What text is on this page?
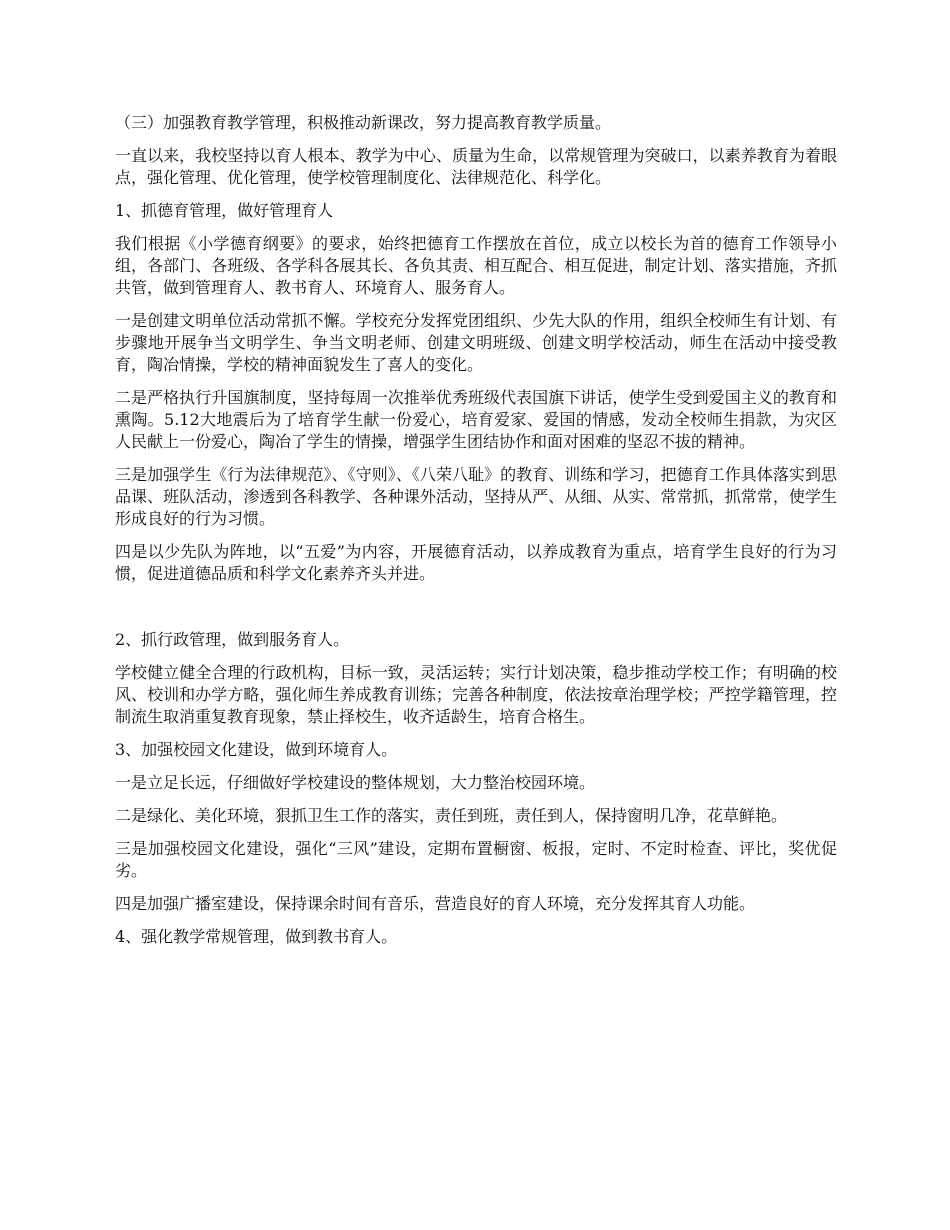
（三）加强教育教学管理，积极推动新课改，努力提高教育教学质量。

一直以来，我校坚持以育人根本、教学为中心、质量为生命，以常规管理为突破口，以素养教育为着眼点，强化管理、优化管理，使学校管理制度化、法律规范化、科学化。

1、抓德育管理，做好管理育人

我们根据《小学德育纲要》的要求，始终把德育工作摆放在首位，成立以校长为首的德育工作领导小组，各部门、各班级、各学科各展其长、各负其责、相互配合、相互促进，制定计划、落实措施，齐抓共管，做到管理育人、教书育人、环境育人、服务育人。

一是创建文明单位活动常抓不懈。学校充分发挥党团组织、少先大队的作用，组织全校师生有计划、有步骤地开展争当文明学生、争当文明老师、创建文明班级、创建文明学校活动，师生在活动中接受教育，陶冶情操，学校的精神面貌发生了喜人的变化。

二是严格执行升国旗制度，坚持每周一次推举优秀班级代表国旗下讲话，使学生受到爱国主义的教育和熏陶。5.12大地震后为了培育学生献一份爱心，培育爱家、爱国的情感，发动全校师生捐款，为灾区人民献上一份爱心，陶冶了学生的情操，增强学生团结协作和面对困难的坚忍不拔的精神。

三是加强学生《行为法律规范》、《守则》、《八荣八耻》的教育、训练和学习，把德育工作具体落实到思品课、班队活动，渗透到各科教学、各种课外活动，坚持从严、从细、从实、常常抓，抓常常，使学生形成良好的行为习惯。

四是以少先队为阵地，以“五爱”为内容，开展德育活动，以养成教育为重点，培育学生良好的行为习惯，促进道德品质和科学文化素养齐头并进。

2、抓行政管理，做到服务育人。

学校健立健全合理的行政机构，目标一致，灵活运转；实行计划决策，稳步推动学校工作；有明确的校风、校训和办学方略，强化师生养成教育训练；完善各种制度，依法按章治理学校；严控学籍管理，控制流生取消重复教育现象，禁止择校生，收齐适龄生，培育合格生。

3、加强校园文化建设，做到环境育人。

一是立足长远，仔细做好学校建设的整体规划，大力整治校园环境。

二是绿化、美化环境，狠抓卫生工作的落实，责任到班，责任到人，保持窗明几净，花草鲜艳。

三是加强校园文化建设，强化“三风”建设，定期布置橱窗、板报，定时、不定时检查、评比，奖优促劣。

四是加强广播室建设，保持课余时间有音乐，营造良好的育人环境，充分发挥其育人功能。

4、强化教学常规管理，做到教书育人。
